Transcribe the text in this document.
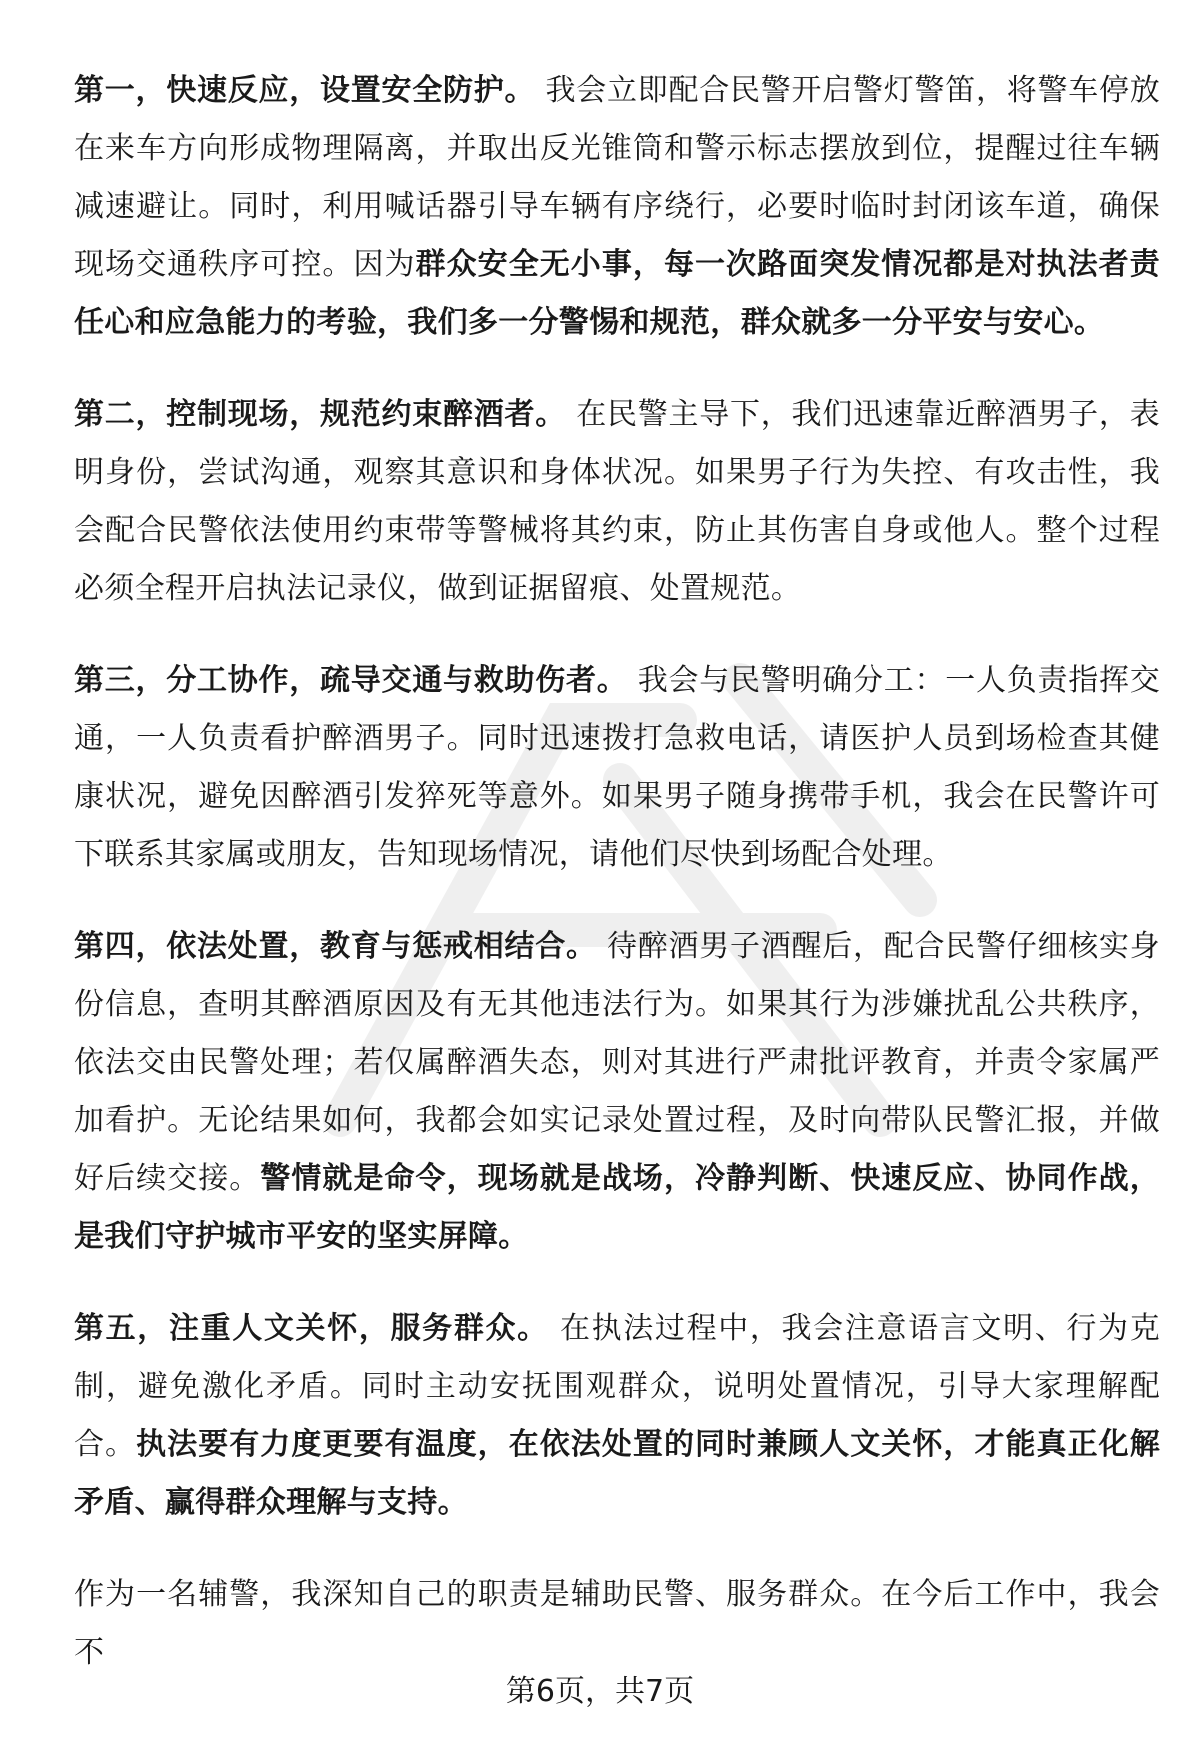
第一，快速反应，设置安全防护。 我会立即配合民警开启警灯警笛，将警车停放在来车方向形成物理隔离，并取出反光锥筒和警示标志摆放到位，提醒过往车辆减速避让。同时，利用喊话器引导车辆有序绕行，必要时临时封闭该车道，确保现场交通秩序可控。因为群众安全无小事，每一次路面突发情况都是对执法者责任心和应急能力的考验，我们多一分警惕和规范，群众就多一分平安与安心。

第二，控制现场，规范约束醉酒者。 在民警主导下，我们迅速靠近醉酒男子，表明身份，尝试沟通，观察其意识和身体状况。如果男子行为失控、有攻击性，我会配合民警依法使用约束带等警械将其约束，防止其伤害自身或他人。整个过程必须全程开启执法记录仪，做到证据留痕、处置规范。

第三，分工协作，疏导交通与救助伤者。 我会与民警明确分工：一人负责指挥交通，一人负责看护醉酒男子。同时迅速拨打急救电话，请医护人员到场检查其健康状况，避免因醉酒引发猝死等意外。如果男子随身携带手机，我会在民警许可下联系其家属或朋友，告知现场情况，请他们尽快到场配合处理。

第四，依法处置，教育与惩戒相结合。 待醉酒男子酒醒后，配合民警仔细核实身份信息，查明其醉酒原因及有无其他违法行为。如果其行为涉嫌扰乱公共秩序，依法交由民警处理；若仅属醉酒失态，则对其进行严肃批评教育，并责令家属严加看护。无论结果如何，我都会如实记录处置过程，及时向带队民警汇报，并做好后续交接。警情就是命令，现场就是战场，冷静判断、快速反应、协同作战，是我们守护城市平安的坚实屏障。

第五，注重人文关怀，服务群众。 在执法过程中，我会注意语言文明、行为克制，避免激化矛盾。同时主动安抚围观群众，说明处置情况，引导大家理解配合。执法要有力度更要有温度，在依法处置的同时兼顾人文关怀，才能真正化解矛盾、赢得群众理解与支持。

作为一名辅警，我深知自己的职责是辅助民警、服务群众。在今后工作中，我会不

第6页，共7页
